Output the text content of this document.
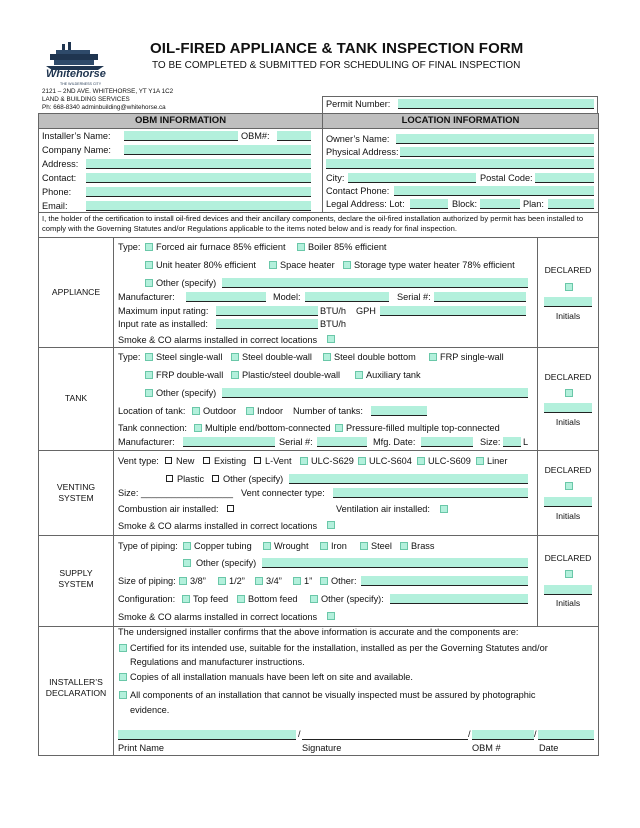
Whitehorse
THE WILDERNESS CITY
OIL-FIRED APPLIANCE & TANK INSPECTION FORM
TO BE COMPLETED & SUBMITTED FOR SCHEDULING OF FINAL INSPECTION
2121 – 2ND AVE. WHITEHORSE, YT Y1A 1C2
LAND & BUILDING SERVICES
Ph: 668-8340 adminbuilding@whitehorse.ca	Permit Number:
OBM INFORMATION	LOCATION INFORMATION
Installer’s Name:	OBM#:
Company Name:
Address:
Contact:
Phone:
Email:
Owner’s Name:
Physical Address:
City:	Postal Code:
Contact Phone:
Legal Address: Lot:	Block:	Plan:
I, the holder of the certification to install oil-fired devices and their ancillary components, declare the oil-fired installation authorized by permit has been installed to comply with the Governing Statutes and/or Regulations applicable to the items noted below and is ready for final inspection.
APPLIANCE
Type: Forced air furnace 85% efficient Boiler 85% efficient
Unit heater 80% efficient	Space heater Storage type water heater 78% efficient
Other (specify)
Manufacturer:	Model:	Serial #:
Maximum input rating:	BTU/h GPH
Input rate as installed:	BTU/h
Smoke & CO alarms installed in correct locations
DECLARED
Initials
TANK
Type: Steel single-wall Steel double-wall Steel double bottom	FRP single-wall
FRP double-wall Plastic/steel double-wall	Auxiliary tank
Other (specify)
Location of tank: Outdoor Indoor Number of tanks:
Tank connection: Multiple end/bottom-connected Pressure-filled multiple top-connected
Manufacturer:	Serial #:	Mfg. Date:	Size: L
DECLARED
Initials
VENTING
SYSTEM
Vent type: New Existing L-Vent ULC-S629 ULC-S604 ULC-S609 Liner
Plastic Other (specify)
Size: __________________ Vent connecter type:
Combustion air installed:	Ventilation air installed:
Smoke & CO alarms installed in correct locations
DECLARED
Initials
SUPPLY
SYSTEM
Type of piping: Copper tubing Wrought Iron	Steel Brass
Other (specify)
Size of piping: 3/8”	1/2” 3/4” 1” Other:
Configuration: Top feed Bottom feed	Other (specify):
Smoke & CO alarms installed in correct locations
DECLARED
Initials
INSTALLER’S
DECLARATION
The undersigned installer confirms that the above information is accurate and the components are:
Certified for its intended use, suitable for the installation, installed as per the Governing Statutes and/or
Regulations and manufacturer instructions.
Copies of all installation manuals have been left on site and available.
All components of an installation that cannot be visually inspected must be assured by photographic
evidence.
/	/	/
Print Name	Signature	OBM #	Date
